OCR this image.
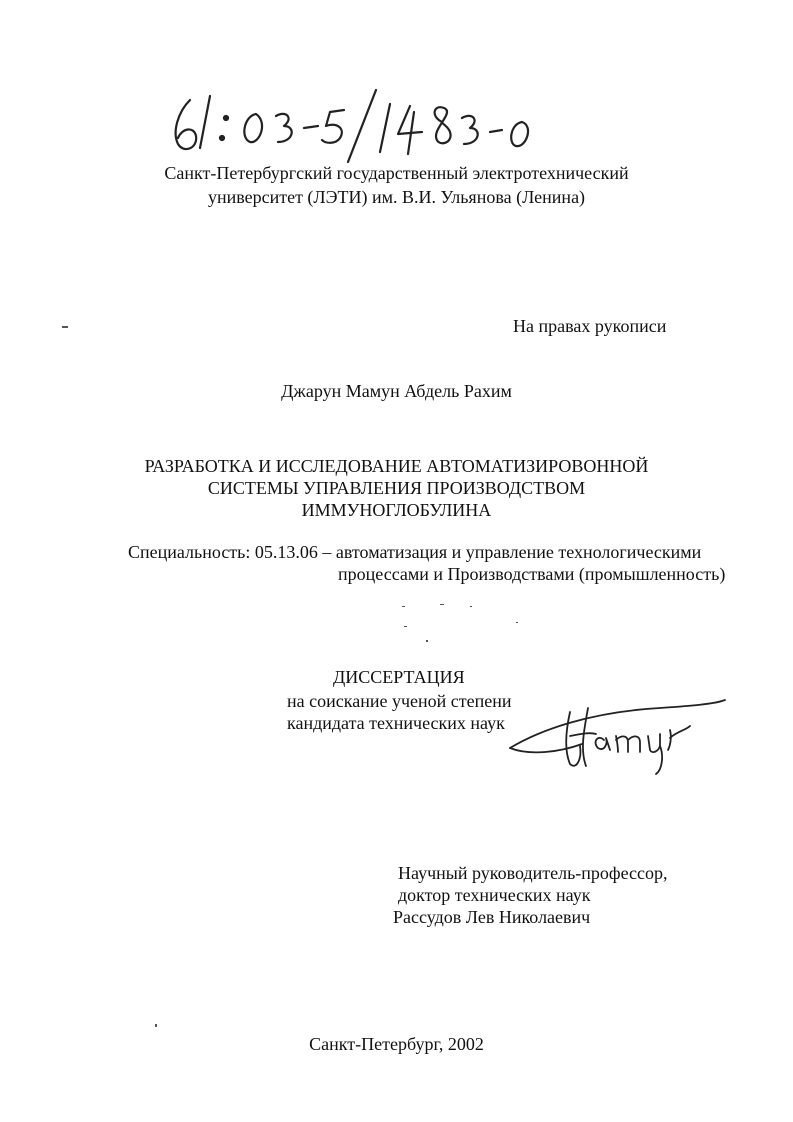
Санкт-Петербургский государственный электротехнический
университет (ЛЭТИ) им. В.И. Ульянова (Ленина)
На правах рукописи
Джарун Мамун Абдель Рахим
РАЗРАБОТКА И ИССЛЕДОВАНИЕ АВТОМАТИЗИРОВОННОЙ
СИСТЕМЫ УПРАВЛЕНИЯ ПРОИЗВОДСТВОМ
ИММУНОГЛОБУЛИНА
Специальность: 05.13.06 – автоматизация и управление технологическими
процессами и Производствами (промышленность)
ДИССЕРТАЦИЯ
на соискание ученой степени
кандидата технических наук
Научный руководитель-профессор,
доктор технических наук
Рассудов Лев Николаевич
Санкт-Петербург, 2002
